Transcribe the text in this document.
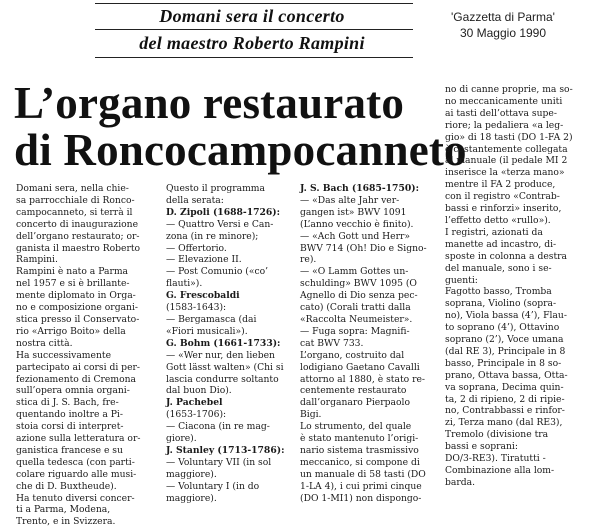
Domani sera il concerto
del maestro Roberto Rampini
'Gazzetta di Parma'
30 Maggio 1990
L’organo restaurato
di Roncocampocanneto

Domani sera, nella chie-

sa parrocchiale di Ronco-

campocanneto, si terrà il

concerto di inaugurazione

dell’organo restaurato; or-

ganista il maestro Roberto

Rampini.

Rampini è nato a Parma

nel 1957 e si è brillante-

mente diplomato in Orga-

no e composizione organi-

stica presso il Conservato-

rio «Arrigo Boito» della

nostra città.

Ha successivamente

partecipato ai corsi di per-

fezionamento di Cremona

sull’opera omnia organi-

stica di J. S. Bach, fre-

quentando inoltre a Pi-

stoia corsi di interpret-

azione sulla letteratura or-

ganistica francese e su

quella tedesca (con parti-

colare riguardo alle musi-

che di D. Buxtheude).

Ha tenuto diversi concer-

ti a Parma, Modena,

Trento, e in Svizzera.

Questo il programma

della serata:

D. Zipoli (1688-1726):

— Quattro Versi e Can-

zona (in re minore);

— Offertorio.

— Elevazione II.

— Post Comunio («co’

flauti»).

G. Frescobaldi

(1583-1643):

— Bergamasca (dai

«Fiori musicali»).

G. Bohm (1661-1733):

— «Wer nur, den lieben

Gott lässt walten» (Chi si

lascia condurre soltanto

dal buon Dio).

J. Pachebel

(1653-1706):

— Ciacona (in re mag-

giore).

J. Stanley (1713-1786):

— Voluntary VII (in sol

maggiore).

— Voluntary I (in do

maggiore).

J. S. Bach (1685-1750):

— «Das alte Jahr ver-

gangen ist» BWV 1091

(L’anno vecchio è finito).

— «Ach Gott und Herr»

BWV 714 (Oh! Dio e Signo-

re).

— «O Lamm Gottes un-

schulding» BWV 1095 (O

Agnello di Dio senza pec-

cato) (Corali tratti dalla

«Raccolta Neumeister».

— Fuga sopra: Magnifi-

cat BWV 733.

L’organo, costruito dal

lodigiano Gaetano Cavalli

attorno al 1880, è stato re-

centemente restaurato

dall’organaro Pierpaolo

Bigi.

Lo strumento, del quale

è stato mantenuto l’origi-

nario sistema trasmissivo

meccanico, si compone di

un manuale di 58 tasti (DO

1-LA 4), i cui primi cinque

(DO 1-MI1) non dispongo-

no di canne proprie, ma so-

no meccanicamente uniti

ai tasti dell’ottava supe-

riore; la pedaliera «a leg-

gio» di 18 tasti (DO 1-FA 2)

è costantemente collegata

al manuale (il pedale MI 2

inserisce la «terza mano»

mentre il FA 2 produce,

con il registro «Contrab-

bassi e rinforzi» inserito,

l’effetto detto «rullo»).

I registri, azionati da

manette ad incastro, di-

sposte in colonna a destra

del manuale, sono i se-

guenti:

Fagotto basso, Tromba

soprana, Violino (sopra-

no), Viola bassa (4’), Flau-

to soprano (4’), Ottavino

soprano (2’), Voce umana

(dal RE 3), Principale in 8

basso, Principale in 8 so-

prano, Ottava bassa, Otta-

va soprana, Decima quin-

ta, 2 di ripieno, 2 di ripie-

no, Contrabbassi e rinfor-

zi, Terza mano (dal RE3),

Tremolo (divisione tra

bassi e soprani:

DO/3-RE3). Tiratutti -

Combinazione alla lom-

barda.
